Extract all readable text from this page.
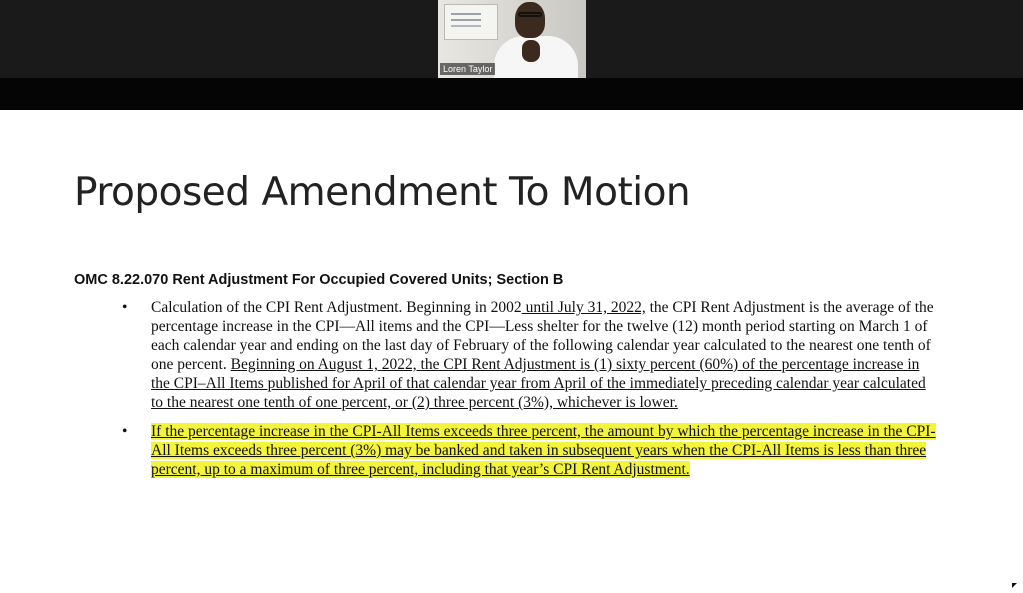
Loren Taylor
Proposed Amendment To Motion
OMC 8.22.070 Rent Adjustment For Occupied Covered Units; Section B
• Calculation of the CPI Rent Adjustment. Beginning in 2002 until July 31, 2022, the CPI Rent Adjustment is the average of the percentage increase in the CPI—All items and the CPI—Less shelter for the twelve (12) month period starting on March 1 of each calendar year and ending on the last day of February of the following calendar year calculated to the nearest one tenth of one percent. Beginning on August 1, 2022, the CPI Rent Adjustment is (1) sixty percent (60%) of the percentage increase in the CPI–All Items published for April of that calendar year from April of the immediately preceding calendar year calculated to the nearest one tenth of one percent, or (2) three percent (3%), whichever is lower.
• If the percentage increase in the CPI-All Items exceeds three percent, the amount by which the percentage increase in the CPI-All Items exceeds three percent (3%) may be banked and taken in subsequent years when the CPI-All Items is less than three percent, up to a maximum of three percent, including that year’s CPI Rent Adjustment.
